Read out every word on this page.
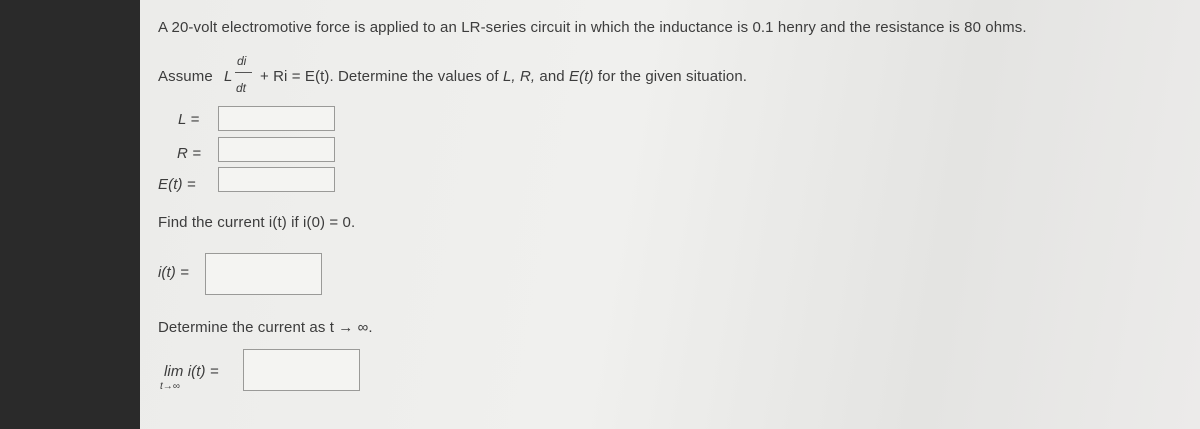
A 20-volt electromotive force is applied to an LR-series circuit in which the inductance is 0.1 henry and the resistance is 80 ohms.
Assume L
di
dt
+ Ri = E(t). Determine the values of L, R, and E(t) for the given situation.
L =
R =
E(t) =
Find the current i(t) if i(0) = 0.
i(t) =
Determine the current as t → ∞.
lim i(t) =
t→∞
